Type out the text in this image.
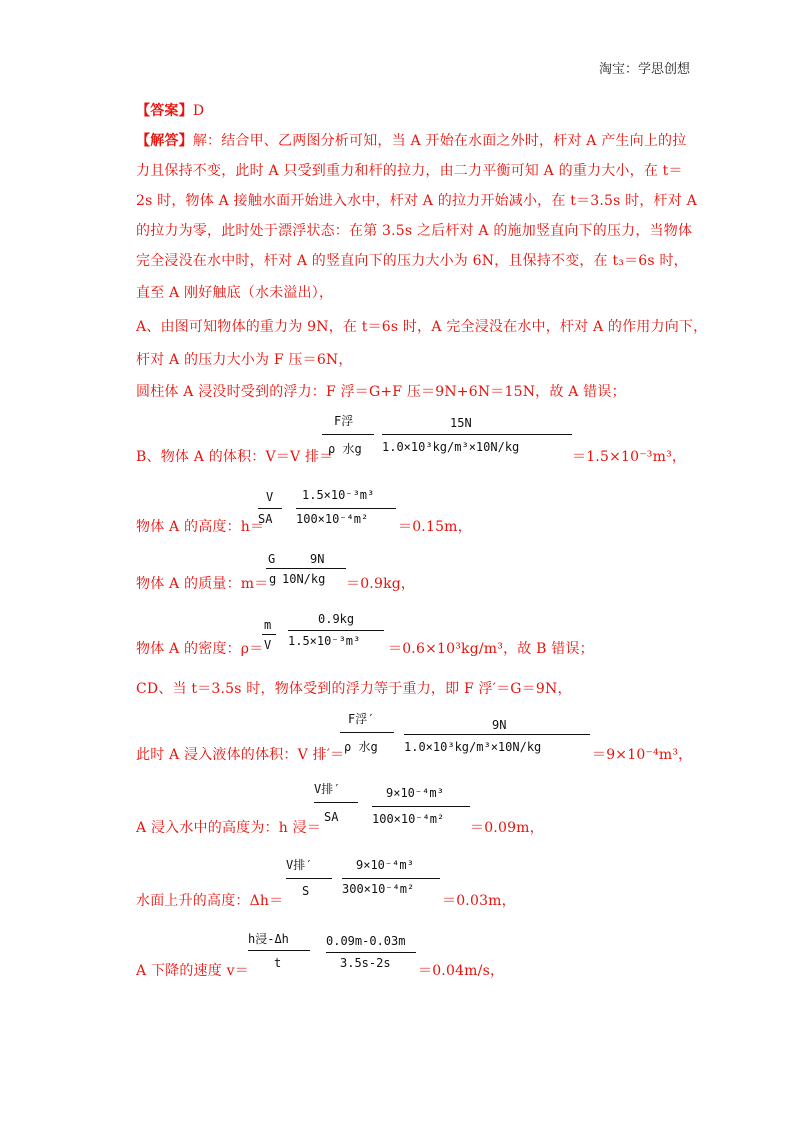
淘宝：学思创想
【答案】D
【解答】解：结合甲、乙两图分析可知，当 A 开始在水面之外时，杆对 A 产生向上的拉
力且保持不变，此时 A 只受到重力和杆的拉力，由二力平衡可知 A 的重力大小，在 t＝
2s 时，物体 A 接触水面开始进入水中，杆对 A 的拉力开始减小，在 t＝3.5s 时，杆对 A
的拉力为零，此时处于漂浮状态：在第 3.5s 之后杆对 A 的施加竖直向下的压力，当物体
完全浸没在水中时，杆对 A 的竖直向下的压力大小为 6N，且保持不变，在 t₃＝6s 时，
直至 A 刚好触底（水未溢出），
A、由图可知物体的重力为 9N，在 t＝6s 时，A 完全浸没在水中，杆对 A 的作用力向下，
杆对 A 的压力大小为 F 压＝6N，
圆柱体 A 浸没时受到的浮力：F 浮＝G+F 压＝9N+6N＝15N，故 A 错误；
B、物体 A 的体积：V＝V 排＝
F浮
ρ 水g
15N
1.0×10³kg/m³×10N/kg
＝1.5×10⁻³m³，
物体 A 的高度：h＝
V
SA
1.5×10⁻³m³
100×10⁻⁴m² ＝0.15m，
物体 A 的质量：m＝
G
g
9N
10N/kg ＝0.9kg，
物体 A 的密度：ρ＝
m
V
0.9kg
1.5×10⁻³m³ ＝0.6×10³kg/m³，故 B 错误；
CD、当 t＝3.5s 时，物体受到的浮力等于重力，即 F 浮′＝G＝9N，
此时 A 浸入液体的体积：V 排′＝
F浮′
ρ 水g
9N
1.0×10³kg/m³×10N/kg	＝9×10⁻⁴m³，
A 浸入水中的高度为：h 浸＝
V排′
SA
9×10⁻⁴m³
100×10⁻⁴m²
＝0.09m，
水面上升的高度：Δh＝
V排′
S
9×10⁻⁴m³
300×10⁻⁴m²
＝0.03m，
A 下降的速度 v＝
h浸-Δh
t
0.09m-0.03m
3.5s-2s ＝0.04m/s，
